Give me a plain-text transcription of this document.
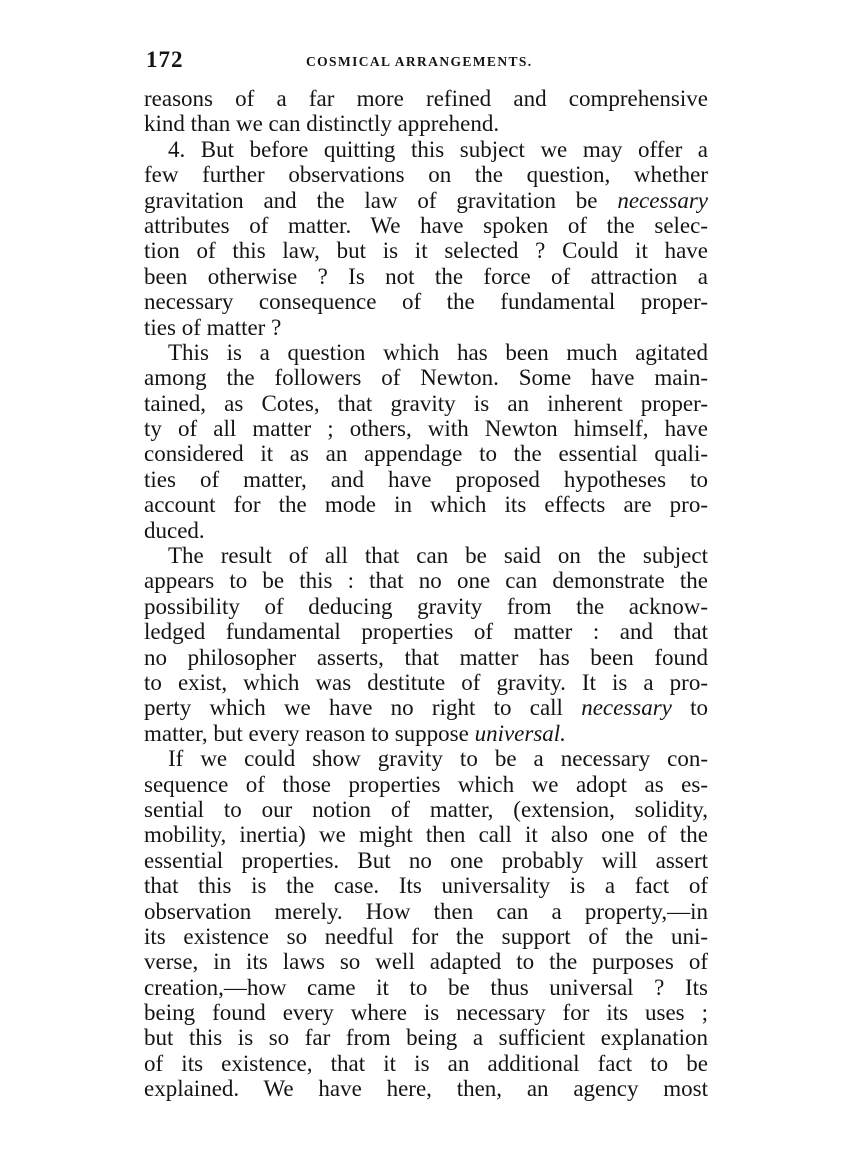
172	COSMICAL ARRANGEMENTS.
reasons of a far more refined and comprehensive
kind than we can distinctly apprehend.
4. But before quitting this subject we may offer a
few further observations on the question, whether
gravitation and the law of gravitation be necessary
attributes of matter. We have spoken of the selec-
tion of this law, but is it selected ? Could it have
been otherwise ? Is not the force of attraction a
necessary consequence of the fundamental proper-
ties of matter ?
This is a question which has been much agitated
among the followers of Newton. Some have main-
tained, as Cotes, that gravity is an inherent proper-
ty of all matter ; others, with Newton himself, have
considered it as an appendage to the essential quali-
ties of matter, and have proposed hypotheses to
account for the mode in which its effects are pro-
duced.
The result of all that can be said on the subject
appears to be this : that no one can demonstrate the
possibility of deducing gravity from the acknow-
ledged fundamental properties of matter : and that
no philosopher asserts, that matter has been found
to exist, which was destitute of gravity. It is a pro-
perty which we have no right to call necessary to
matter, but every reason to suppose universal.
If we could show gravity to be a necessary con-
sequence of those properties which we adopt as es-
sential to our notion of matter, (extension, solidity,
mobility, inertia) we might then call it also one of the
essential properties. But no one probably will assert
that this is the case. Its universality is a fact of
observation merely. How then can a property,—in
its existence so needful for the support of the uni-
verse, in its laws so well adapted to the purposes of
creation,—how came it to be thus universal ? Its
being found every where is necessary for its uses ;
but this is so far from being a sufficient explanation
of its existence, that it is an additional fact to be
explained. We have here, then, an agency most
